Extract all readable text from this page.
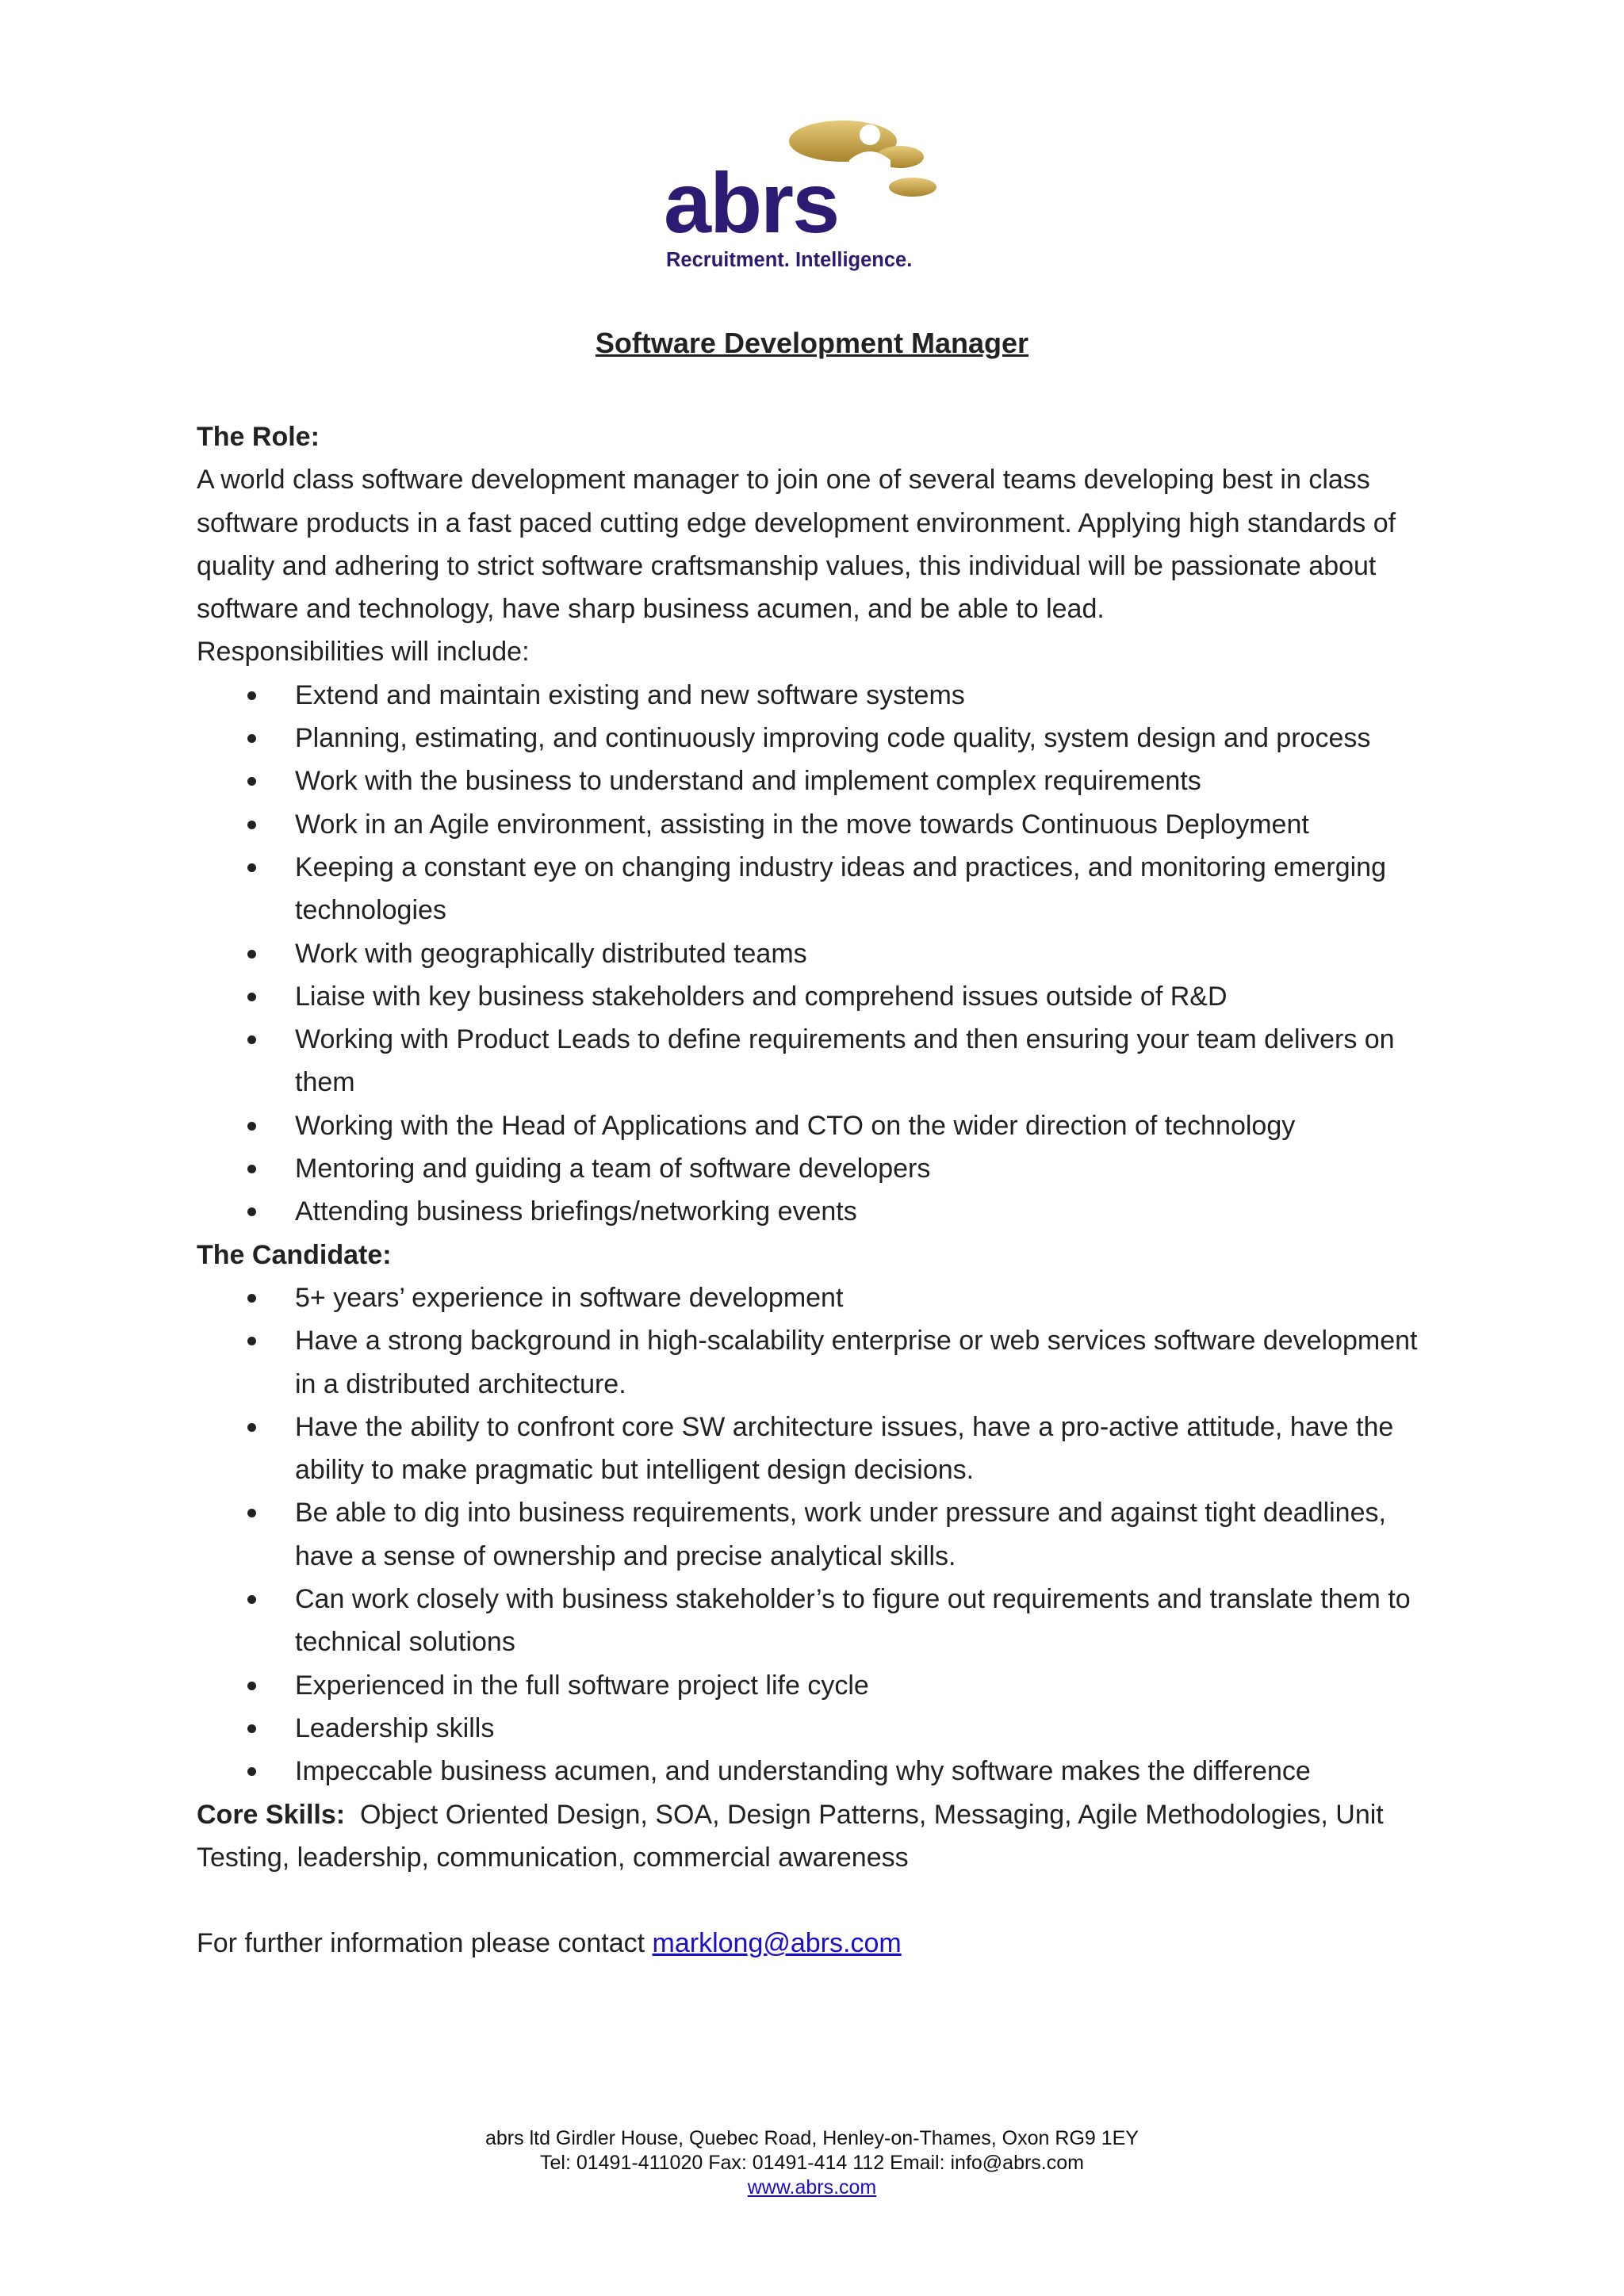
abrs
Recruitment. Intelligence.
Software Development Manager

The Role:

A world class software development manager to join one of several teams developing best in class software products in a fast paced cutting edge development environment. Applying high standards of quality and adhering to strict software craftsmanship values, this individual will be passionate about software and technology, have sharp business acumen, and be able to lead.

Responsibilities will include:

Extend and maintain existing and new software systems
Planning, estimating, and continuously improving code quality, system design and process
Work with the business to understand and implement complex requirements
Work in an Agile environment, assisting in the move towards Continuous Deployment
Keeping a constant eye on changing industry ideas and practices, and monitoring emerging technologies
Work with geographically distributed teams
Liaise with key business stakeholders and comprehend issues outside of R&D
Working with Product Leads to define requirements and then ensuring your team delivers on them
Working with the Head of Applications and CTO on the wider direction of technology
Mentoring and guiding a team of software developers
Attending business briefings/networking events

The Candidate:

5+ years’ experience in software development
Have a strong background in high-scalability enterprise or web services software development in a distributed architecture.
Have the ability to confront core SW architecture issues, have a pro-active attitude, have the ability to make pragmatic but intelligent design decisions.
Be able to dig into business requirements, work under pressure and against tight deadlines, have a sense of ownership and precise analytical skills.
Can work closely with business stakeholder’s to figure out requirements and translate them to technical solutions
Experienced in the full software project life cycle
Leadership skills
Impeccable business acumen, and understanding why software makes the difference

Core Skills: Object Oriented Design, SOA, Design Patterns, Messaging, Agile Methodologies, Unit Testing, leadership, communication, commercial awareness

For further information please contact marklong@abrs.com

abrs ltd Girdler House, Quebec Road, Henley-on-Thames, Oxon RG9 1EY
Tel: 01491-411020 Fax: 01491-414 112 Email: info@abrs.com
www.abrs.com
